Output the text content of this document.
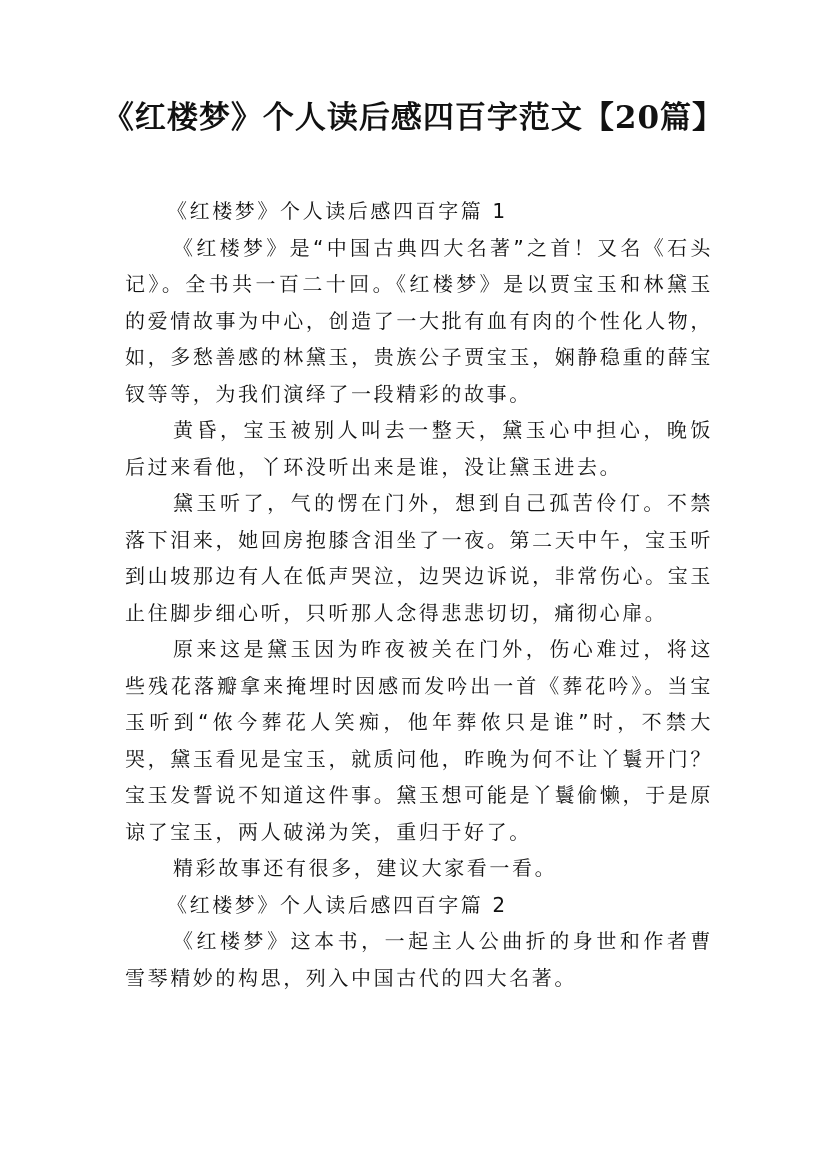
《红楼梦》个人读后感四百字范文【20篇】

《红楼梦》个人读后感四百字篇 1

《红楼梦》是“中国古典四大名著”之首！又名《石头记》。全书共一百二十回。《红楼梦》是以贾宝玉和林黛玉的爱情故事为中心，创造了一大批有血有肉的个性化人物，如，多愁善感的林黛玉，贵族公子贾宝玉，娴静稳重的薛宝钗等等，为我们演绎了一段精彩的故事。

黄昏，宝玉被别人叫去一整天，黛玉心中担心，晚饭后过来看他，丫环没听出来是谁，没让黛玉进去。

黛玉听了，气的愣在门外，想到自己孤苦伶仃。不禁落下泪来，她回房抱膝含泪坐了一夜。第二天中午，宝玉听到山坡那边有人在低声哭泣，边哭边诉说，非常伤心。宝玉止住脚步细心听，只听那人念得悲悲切切，痛彻心扉。

原来这是黛玉因为昨夜被关在门外，伤心难过，将这些残花落瓣拿来掩埋时因感而发吟出一首《葬花吟》。当宝玉听到“侬今葬花人笑痴，他年葬侬只是谁”时，不禁大哭，黛玉看见是宝玉，就质问他，昨晚为何不让丫鬟开门？宝玉发誓说不知道这件事。黛玉想可能是丫鬟偷懒，于是原谅了宝玉，两人破涕为笑，重归于好了。

精彩故事还有很多，建议大家看一看。

《红楼梦》个人读后感四百字篇 2

《红楼梦》这本书，一起主人公曲折的身世和作者曹雪琴精妙的构思，列入中国古代的四大名著。
